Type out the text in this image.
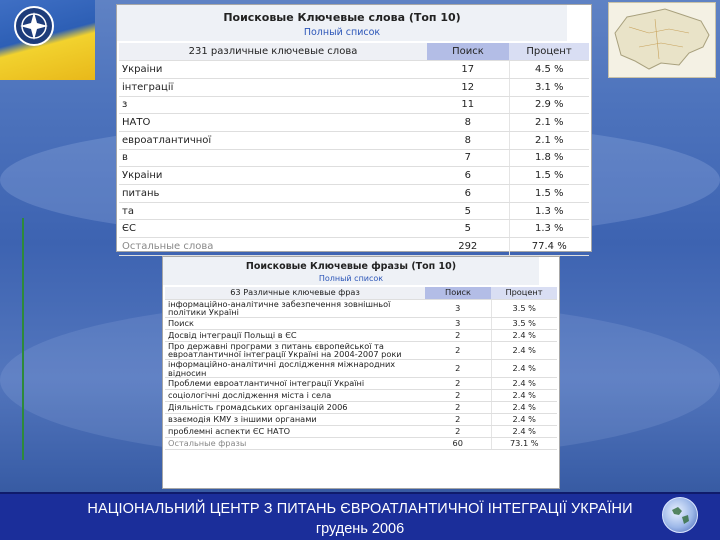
Поисковые Ключевые слова (Топ 10)
Полный список
231 различные ключевые слова	Поиск	Процент
Украіни	17	4.5 %
інтеграції	12	3.1 %
з	11	2.9 %
НАТО	8	2.1 %
евроатлантичної	8	2.1 %
в	7	1.8 %
Украіни	6	1.5 %
питань	6	1.5 %
та	5	1.3 %
ЄС	5	1.3 %
Остальные слова	292	77.4 %
Поисковые Ключевые фразы (Топ 10)
Полный список
63 Различные ключевые фраз	Поиск	Процент
інформаційно-аналітичне забезпечення зовнішньої політики Україні	3	3.5 %
Поиск	3	3.5 %
Досвід інтеграції Польщі в ЄС	2	2.4 %
Про державні програми з питань європейської та евроатлантичної інтеграції Україні на 2004-2007 роки	2	2.4 %
інформаційно-аналітичні дослідження міжнародних відносин	2	2.4 %
Проблеми евроатлантичної інтеграції Україні	2	2.4 %
соціологічні дослідження міста і села	2	2.4 %
Діяльність громадських організацій 2006	2	2.4 %
взаємодія КМУ з іншими органами	2	2.4 %
проблемні аспекти ЄС НАТО	2	2.4 %
Остальные фразы	60	73.1 %
НАЦІОНАЛЬНИЙ ЦЕНТР З ПИТАНЬ ЄВРОАТЛАНТИЧНОЇ ІНТЕГРАЦІЇ УКРАЇНИ
грудень 2006
